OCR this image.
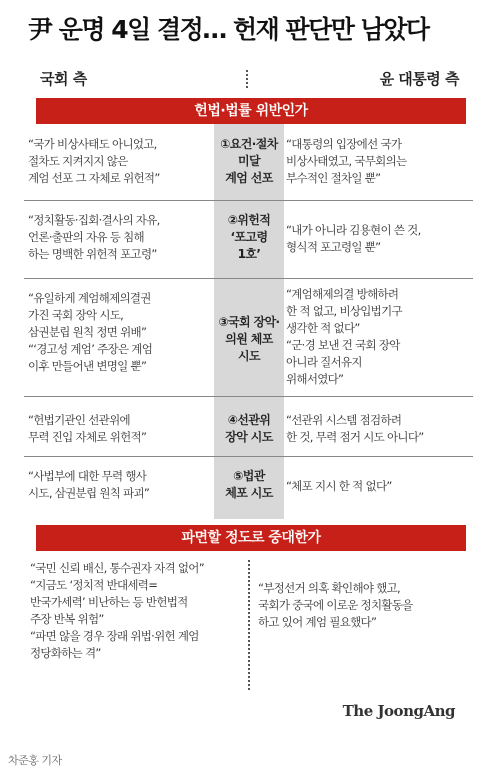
尹 운명 4일 결정… 헌재 판단만 남았다
국회 측	윤 대통령 측
헌법·법률 위반인가
“국가 비상사태도 아니었고,
절차도 지켜지지 않은
계엄 선포 그 자체로 위헌적”
①요건·절차
미달
계엄 선포
“대통령의 입장에선 국가
비상사태였고, 국무회의는
부수적인 절차일 뿐”
“정치활동·집회·결사의 자유,
언론·출판의 자유 등 침해
하는 명백한 위헌적 포고령”
②위헌적
‘포고령
1호’
“내가 아니라 김용현이 쓴 것,
형식적 포고령일 뿐”
“유일하게 계엄해제의결권
가진 국회 장악 시도,
삼권분립 원칙 정면 위배”
“‘경고성 계엄’ 주장은 계엄
이후 만들어낸 변명일 뿐”
③국회 장악·
의원 체포
시도
“계엄해제의결 방해하려
한 적 없고, 비상입법기구
생각한 적 없다”
“군·경 보낸 건 국회 장악
아니라 질서유지
위해서였다”
“헌법기관인 선관위에
무력 진입 자체로 위헌적”
④선관위
장악 시도
“선관위 시스템 점검하려
한 것, 무력 점거 시도 아니다”
“사법부에 대한 무력 행사
시도, 삼권분립 원칙 파괴”
⑤법관
체포 시도	“체포 지시 한 적 없다”
파면할 정도로 중대한가
“국민 신뢰 배신, 통수권자 자격 없어”
“지금도 ‘정치적 반대세력=
반국가세력’ 비난하는 등 반헌법적
주장 반복 위험”
“파면 않을 경우 장래 위법·위헌 계엄
정당화하는 격”
“부정선거 의혹 확인해야 했고,
국회가 중국에 이로운 정치활동을
하고 있어 계엄 필요했다”
The JoongAng
차준홍 기자
